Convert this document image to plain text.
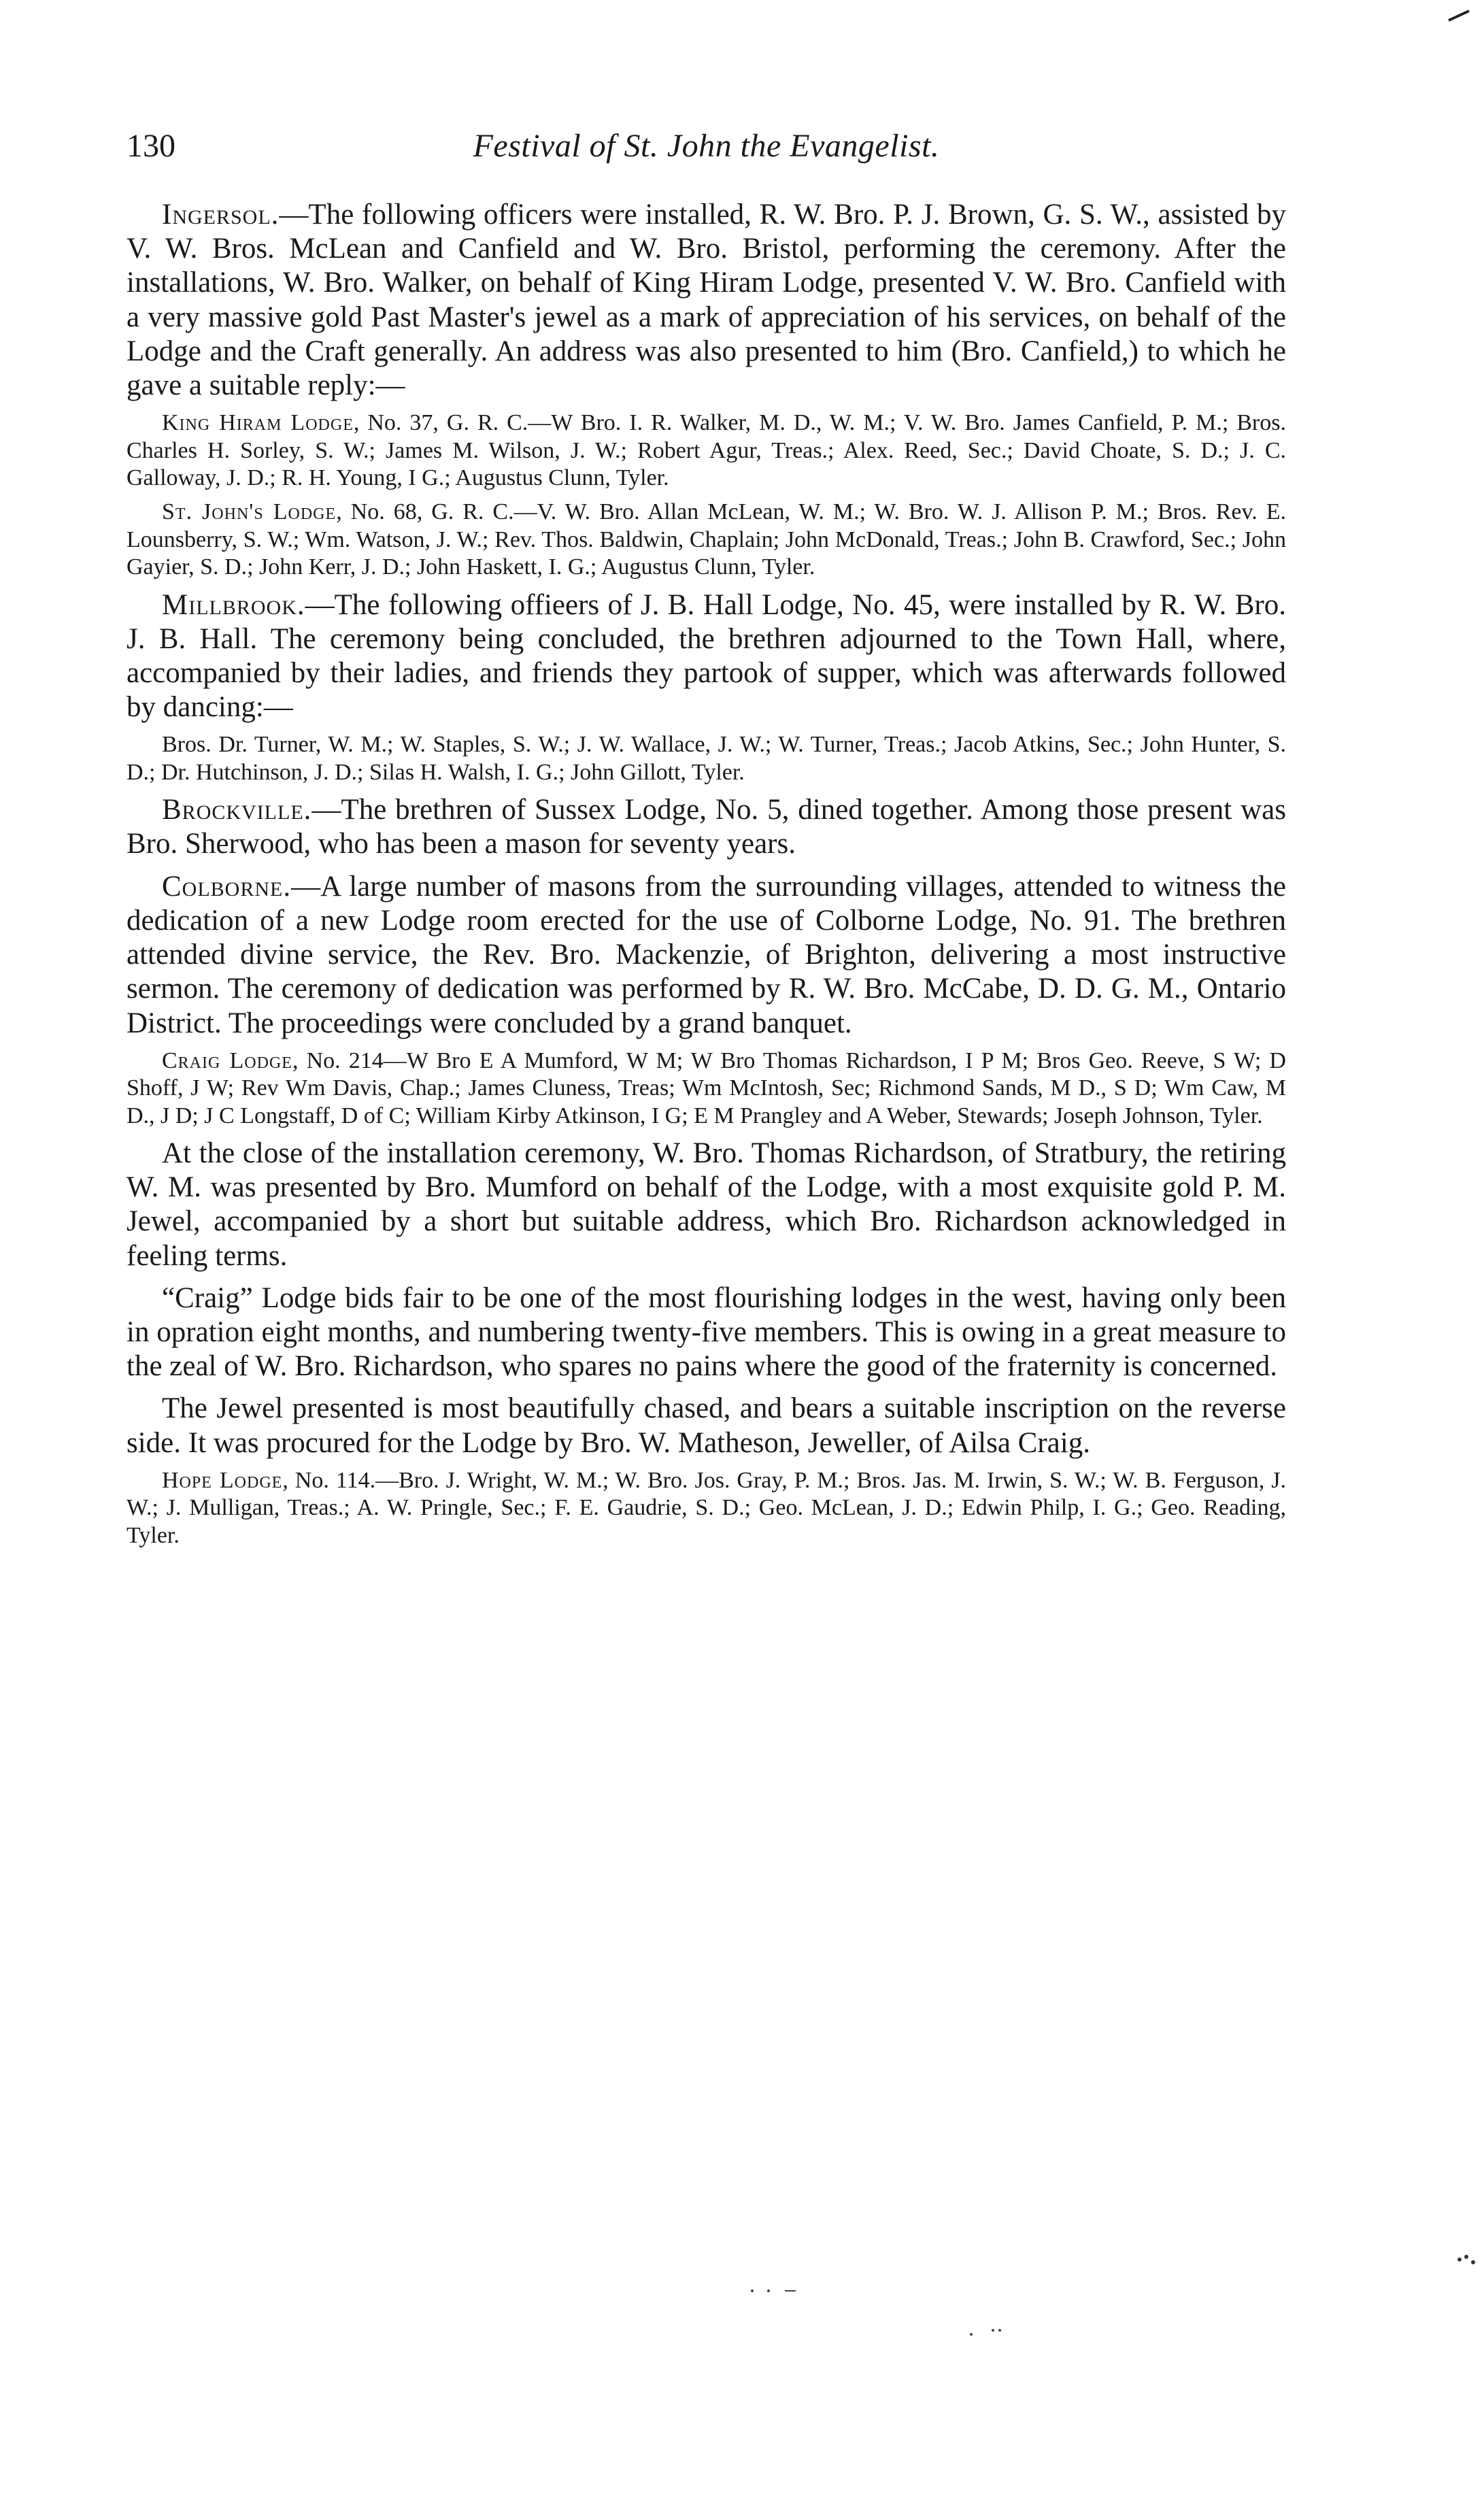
130	Festival of St. John the Evangelist.

Ingersol.—The following officers were installed, R. W. Bro. P. J. Brown, G. S. W., assisted by V. W. Bros. McLean and Canfield and W. Bro. Bristol, performing the ceremony. After the installations, W. Bro. Walker, on behalf of King Hiram Lodge, presented V. W. Bro. Canfield with a very massive gold Past Master's jewel as a mark of appreciation of his services, on behalf of the Lodge and the Craft generally. An address was also presented to him (Bro. Canfield,) to which he gave a suitable reply:—

King Hiram Lodge, No. 37, G. R. C.—W Bro. I. R. Walker, M. D., W. M.; V. W. Bro. James Canfield, P. M.; Bros. Charles H. Sorley, S. W.; James M. Wilson, J. W.; Robert Agur, Treas.; Alex. Reed, Sec.; David Choate, S. D.; J. C. Galloway, J. D.; R. H. Young, I G.; Augustus Clunn, Tyler.

St. John's Lodge, No. 68, G. R. C.—V. W. Bro. Allan McLean, W. M.; W. Bro. W. J. Allison P. M.; Bros. Rev. E. Lounsberry, S. W.; Wm. Watson, J. W.; Rev. Thos. Baldwin, Chaplain; John McDonald, Treas.; John B. Crawford, Sec.; John Gayier, S. D.; John Kerr, J. D.; John Haskett, I. G.; Augustus Clunn, Tyler.

Millbrook.—The following offieers of J. B. Hall Lodge, No. 45, were installed by R. W. Bro. J. B. Hall. The ceremony being concluded, the brethren adjourned to the Town Hall, where, accompanied by their ladies, and friends they partook of supper, which was afterwards followed by dancing:—

Bros. Dr. Turner, W. M.; W. Staples, S. W.; J. W. Wallace, J. W.; W. Turner, Treas.; Jacob Atkins, Sec.; John Hunter, S. D.; Dr. Hutchinson, J. D.; Silas H. Walsh, I. G.; John Gillott, Tyler.

Brockville.—The brethren of Sussex Lodge, No. 5, dined together. Among those present was Bro. Sherwood, who has been a mason for seventy years.

Colborne.—A large number of masons from the surrounding villages, attended to witness the dedication of a new Lodge room erected for the use of Colborne Lodge, No. 91. The brethren attended divine service, the Rev. Bro. Mackenzie, of Brighton, delivering a most instructive sermon. The ceremony of dedication was performed by R. W. Bro. McCabe, D. D. G. M., Ontario District. The proceedings were concluded by a grand banquet.

Craig Lodge, No. 214—W Bro E A Mumford, W M; W Bro Thomas Richardson, I P M; Bros Geo. Reeve, S W; D Shoff, J W; Rev Wm Davis, Chap.; James Cluness, Treas; Wm McIntosh, Sec; Richmond Sands, M D., S D; Wm Caw, M D., J D; J C Longstaff, D of C; William Kirby Atkinson, I G; E M Prangley and A Weber, Stewards; Joseph Johnson, Tyler.

At the close of the installation ceremony, W. Bro. Thomas Richardson, of Stratbury, the retiring W. M. was presented by Bro. Mumford on behalf of the Lodge, with a most exquisite gold P. M. Jewel, accompanied by a short but suitable address, which Bro. Richardson acknowledged in feeling terms.

“Craig” Lodge bids fair to be one of the most flourishing lodges in the west, having only been in opration eight months, and numbering twenty-five members. This is owing in a great measure to the zeal of W. Bro. Richardson, who spares no pains where the good of the fraternity is concerned.

The Jewel presented is most beautifully chased, and bears a suitable inscription on the reverse side. It was procured for the Lodge by Bro. W. Matheson, Jeweller, of Ailsa Craig.

Hope Lodge, No. 114.—Bro. J. Wright, W. M.; W. Bro. Jos. Gray, P. M.; Bros. Jas. M. Irwin, S. W.; W. B. Ferguson, J. W.; J. Mulligan, Treas.; A. W. Pringle, Sec.; F. E. Gaudrie, S. D.; Geo. McLean, J. D.; Edwin Philp, I. G.; Geo. Reading, Tyler.
